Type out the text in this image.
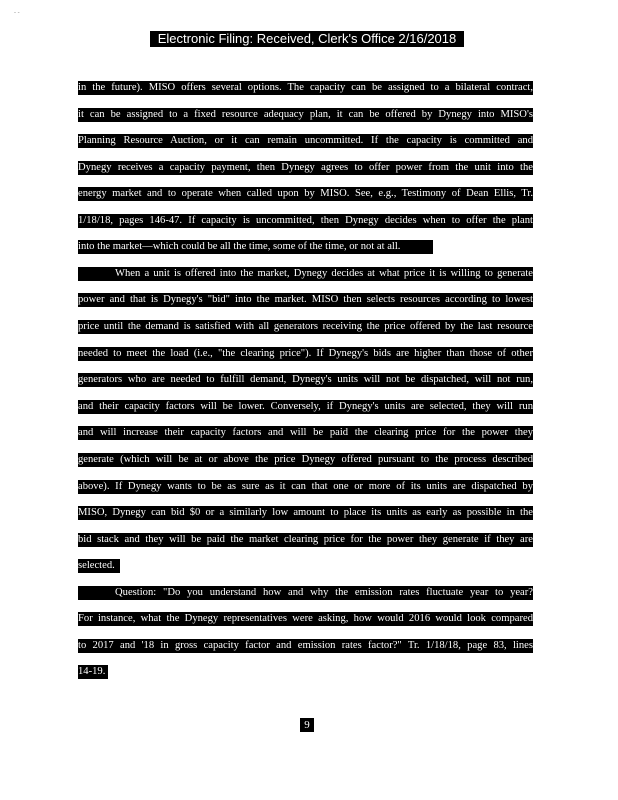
- -
Electronic Filing: Received, Clerk's Office 2/16/2018
in the future). MISO offers several options. The capacity can be assigned to a bilateral contract,
it can be assigned to a fixed resource adequacy plan, it can be offered by Dynegy into MISO's
Planning Resource Auction, or it can remain uncommitted. If the capacity is committed and
Dynegy receives a capacity payment, then Dynegy agrees to offer power from the unit into the
energy market and to operate when called upon by MISO. See, e.g., Testimony of Dean Ellis, Tr.
1/18/18, pages 146-47. If capacity is uncommitted, then Dynegy decides when to offer the plant
into the market—which could be all the time, some of the time, or not at all.
When a unit is offered into the market, Dynegy decides at what price it is willing to generate
power and that is Dynegy's "bid" into the market. MISO then selects resources according to lowest
price until the demand is satisfied with all generators receiving the price offered by the last resource
needed to meet the load (i.e., "the clearing price"). If Dynegy's bids are higher than those of other
generators who are needed to fulfill demand, Dynegy's units will not be dispatched, will not run,
and their capacity factors will be lower. Conversely, if Dynegy's units are selected, they will run
and will increase their capacity factors and will be paid the clearing price for the power they
generate (which will be at or above the price Dynegy offered pursuant to the process described
above). If Dynegy wants to be as sure as it can that one or more of its units are dispatched by
MISO, Dynegy can bid $0 or a similarly low amount to place its units as early as possible in the
bid stack and they will be paid the market clearing price for the power they generate if they are
selected.
Question: "Do you understand how and why the emission rates fluctuate year to year?
For instance, what the Dynegy representatives were asking, how would 2016 would look compared
to 2017 and '18 in gross capacity factor and emission rates factor?" Tr. 1/18/18, page 83, lines
14-19.
9
